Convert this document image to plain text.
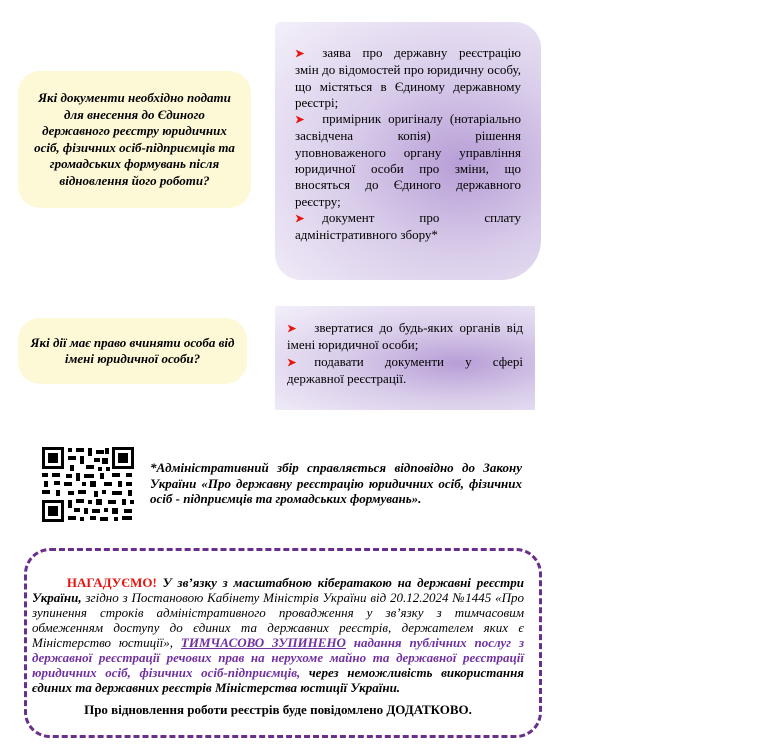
Які документи необхідно подати для внесення до Єдиного державного реєстру юридичних осіб, фізичних осіб-підприємців та громадських формувань після відновлення його роботи?

➤ заява про державну реєстрацію змін до відомостей про юридичну особу, що містяться в Єдиному державному реєстрі;

➤ примірник оригіналу (нотаріально засвідчена копія) рішення уповноваженого органу управління юридичної особи про зміни, що вносяться до Єдиного державного реєстру;

➤ документ про сплату адміністративного збору*

Які дії має право вчиняти особа від імені юридичної особи?

➤ звертатися до будь-яких органів від імені юридичної особи;

➤ подавати документи у сфері державної реєстрації.

*Адміністративний збір справляється відповідно до Закону України «Про державну реєстрацію юридичних осіб, фізичних осіб - підприємців та громадських формувань».
НАГАДУЄМО! У зв’язку з масштабною кібератакою на державні реєстри України, згідно з Постановою Кабінету Міністрів України від 20.12.2024 №1445 «Про зупинення строків адміністративного провадження у зв’язку з тимчасовим обмеженням доступу до єдиних та державних реєстрів, держателем яких є Міністерство юстиції», ТИМЧАСОВО ЗУПИНЕНО надання публічних послуг з державної реєстрації речових прав на нерухоме майно та державної реєстрації юридичних осіб, фізичних осіб-підприємців, через неможливість використання єдиних та державних реєстрів Міністерства юстиції України.
Про відновлення роботи реєстрів буде повідомлено ДОДАТКОВО.
